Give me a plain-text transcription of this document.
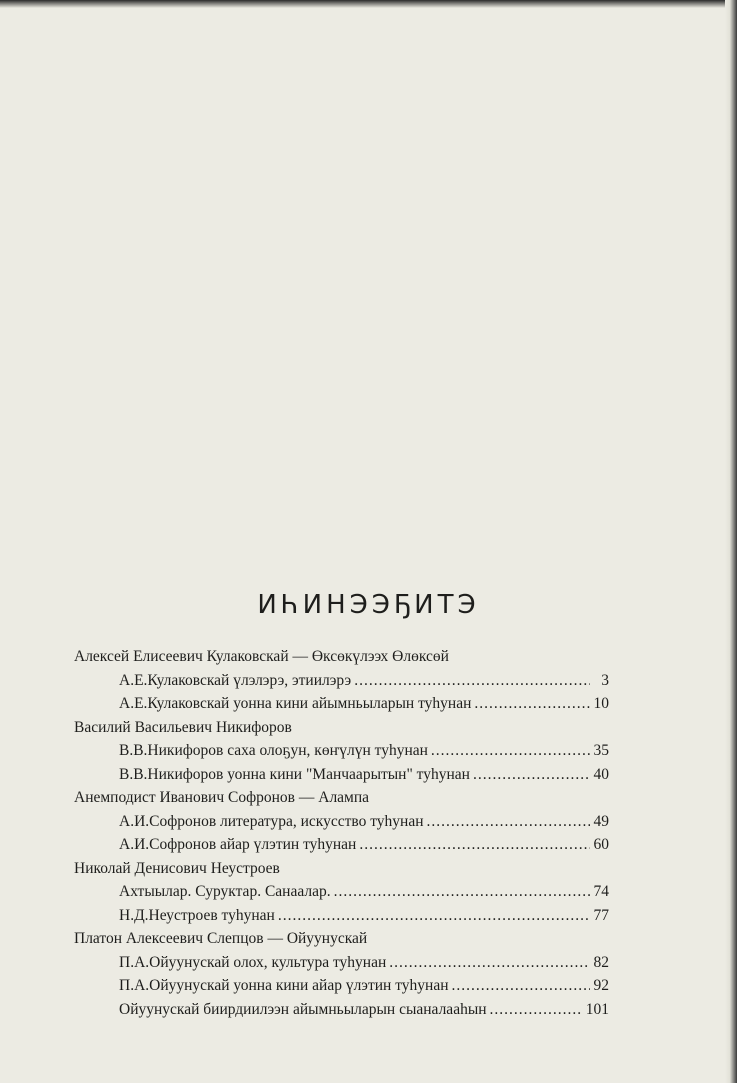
ИҺИНЭЭҔИТЭ
Алексей Елисеевич Кулаковскай — Өксөкүлээх Өлөксөй
А.Е.Кулаковскай үлэлэрэ, этиилэрэ .....	3
А.Е.Кулаковскай уонна кини айымньыларын туһунан .....	10
Василий Васильевич Никифоров
В.В.Никифоров саха олоҕун, көҥүлүн туһунан .....	35
В.В.Никифоров уонна кини "Манчаарытын" туһунан .....	40
Анемподист Иванович Софронов — Алампа
А.И.Софронов литература, искусство туһунан .....	49
А.И.Софронов айар үлэтин туһунан .....	60
Николай Денисович Неустроев
Ахтыылар. Суруктар. Санаалар. .....	74
Н.Д.Неустроев туһунан .....	77
Платон Алексеевич Слепцов — Ойуунускай
П.А.Ойуунускай олох, культура туһунан .....	82
П.А.Ойуунускай уонна кини айар үлэтин туһунан .....	92
Ойуунускай биирдиилээн айымньыларын сыаналааһын .....	101
